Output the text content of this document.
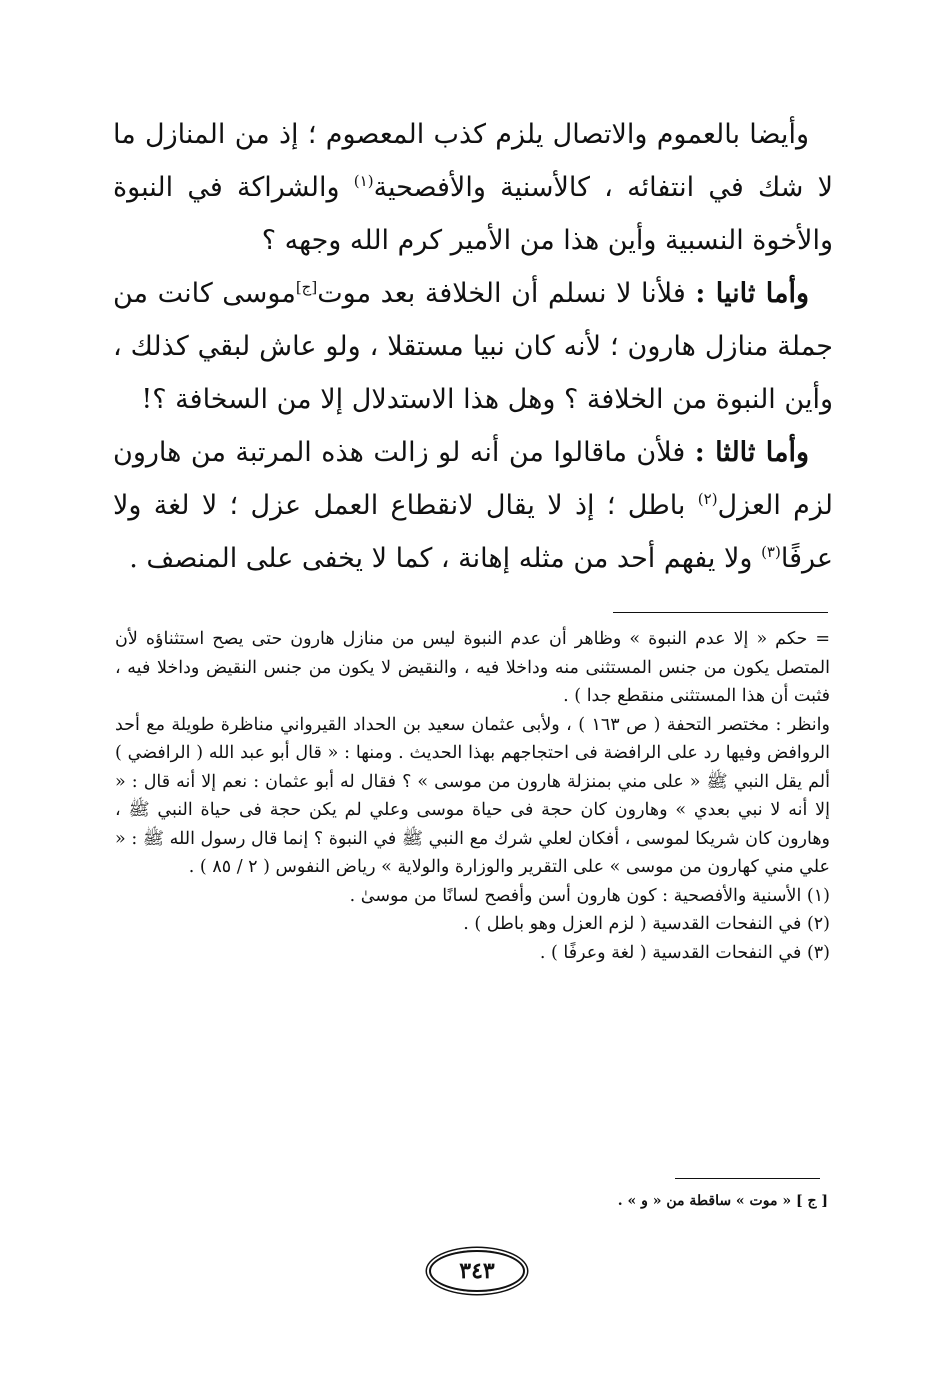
وأيضا بالعموم والاتصال يلزم كذب المعصوم ؛ إذ من المنازل ما لا شك في انتفائه ، كالأسنية والأفصحية$^{(١)}$ والشراكة في النبوة والأخوة النسبية وأين هذا من الأمير كرم الله وجهه ؟

وأما ثانيا : فلأنا لا نسلم أن الخلافة بعد موت[ج]موسى كانت من جملة منازل هارون ؛ لأنه كان نبيا مستقلا ، ولو عاش لبقي كذلك ، وأين النبوة من الخلافة ؟ وهل هذا الاستدلال إلا من السخافة ؟!

وأما ثالثا : فلأن ماقالوا من أنه لو زالت هذه المرتبة من هارون لزم العزل$^{(٢)}$ باطل ؛ إذ لا يقال لانقطاع العمل عزل ؛ لا لغة ولا عرفًا$^{(٣)}$ ولا يفهم أحد من مثله إهانة ، كما لا يخفى على المنصف .

= حكم « إلا عدم النبوة » وظاهر أن عدم النبوة ليس من منازل هارون حتى يصح استثناؤه لأن المتصل يكون من جنس المستثنى منه وداخلا فيه ، والنقيض لا يكون من جنس النقيض وداخلا فيه ، فثبت أن هذا المستثنى منقطع جدا ) .

وانظر : مختصر التحفة ( ص ١٦٣ ) ، ولأبى عثمان سعيد بن الحداد القيرواني مناظرة طويلة مع أحد الروافض وفيها رد على الرافضة فى احتجاجهم بهذا الحديث . ومنها : « قال أبو عبد الله ( الرافضي ) ألم يقل النبي ﷺ « على مني بمنزلة هارون من موسى » ؟ فقال له أبو عثمان : نعم إلا أنه قال : « إلا أنه لا نبي بعدي » وهارون كان حجة فى حياة موسى وعلي لم يكن حجة فى حياة النبي ﷺ ، وهارون كان شريكا لموسى ، أفكان لعلي شرك مع النبي ﷺ في النبوة ؟ إنما قال رسول الله ﷺ : « علي مني كهارون من موسى » على التقرير والوزارة والولاية » رياض النفوس ( ٢ / ٨٥ ) .

(١) الأسنية والأفصحية : كون هارون أسن وأفصح لسانًا من موسىٰ .

(٢) في النفحات القدسية ( لزم العزل وهو باطل ) .

(٣) في النفحات القدسية ( لغة وعرفًا ) .

[ ج ] « موت » ساقطة من « و » .
٣٤٣
